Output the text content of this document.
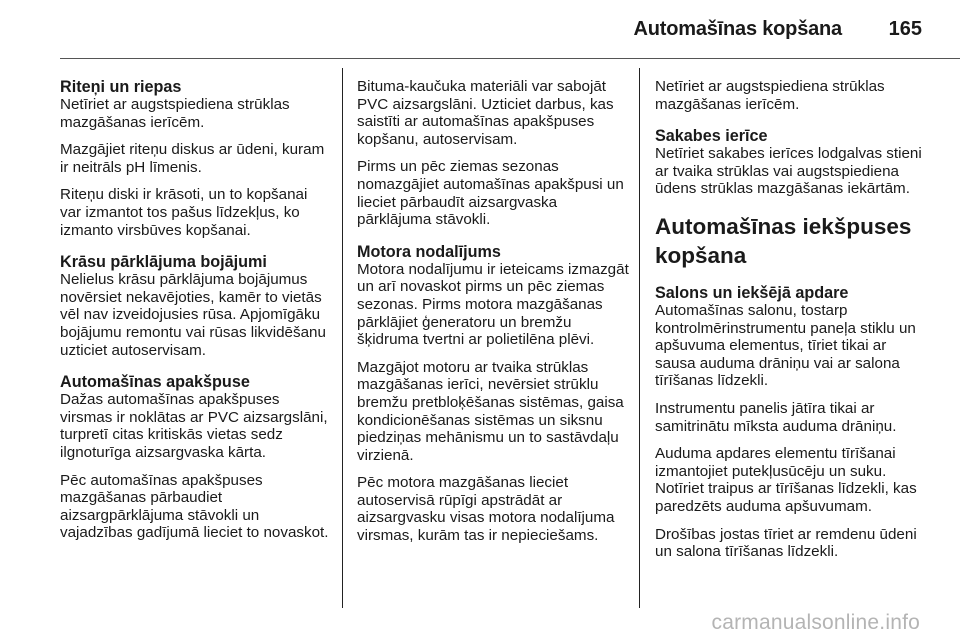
Automašīnas kopšana 165
Riteņi un riepas

Netīriet ar augstspiediena strūklas mazgāšanas ierīcēm.

Mazgājiet riteņu diskus ar ūdeni, kuram ir neitrāls pH līmenis.

Riteņu diski ir krāsoti, un to kopšanai var izmantot tos pašus līdzekļus, ko izmanto virsbūves kopšanai.

Krāsu pārklājuma bojājumi

Nelielus krāsu pārklājuma bojājumus novērsiet nekavējoties, kamēr to vietās vēl nav izveidojusies rūsa. Apjomīgāku bojājumu remontu vai rūsas likvidēšanu uzticiet autoservisam.

Automašīnas apakšpuse

Dažas automašīnas apakšpuses virsmas ir noklātas ar PVC aizsargslāni, turpretī citas kritiskās vietas sedz ilgnoturīga aizsargvaska kārta.

Pēc automašīnas apakšpuses mazgāšanas pārbaudiet aizsargpārklājuma stāvokli un vajadzības gadījumā lieciet to novaskot.

Bituma-kaučuka materiāli var sabojāt PVC aizsargslāni. Uzticiet darbus, kas saistīti ar automašīnas apakšpuses kopšanu, autoservisam.

Pirms un pēc ziemas sezonas nomazgājiet automašīnas apakšpusi un lieciet pārbaudīt aizsargvaska pārklājuma stāvokli.

Motora nodalījums

Motora nodalījumu ir ieteicams izmazgāt un arī novaskot pirms un pēc ziemas sezonas. Pirms motora mazgāšanas pārklājiet ģeneratoru un bremžu šķidruma tvertni ar polietilēna plēvi.

Mazgājot motoru ar tvaika strūklas mazgāšanas ierīci, nevērsiet strūklu bremžu pretbloķēšanas sistēmas, gaisa kondicionēšanas sistēmas un siksnu piedziņas mehānismu un to sastāvdaļu virzienā.

Pēc motora mazgāšanas lieciet autoservisā rūpīgi apstrādāt ar aizsargvasku visas motora nodalījuma virsmas, kurām tas ir nepieciešams.

Netīriet ar augstspiediena strūklas mazgāšanas ierīcēm.

Sakabes ierīce

Netīriet sakabes ierīces lodgalvas stieni ar tvaika strūklas vai augstspiediena ūdens strūklas mazgāšanas iekārtām.

Automašīnas iekšpuses kopšana
Salons un iekšējā apdare

Automašīnas salonu, tostarp kontrolmērinstrumentu paneļa stiklu un apšuvuma elementus, tīriet tikai ar sausa auduma drāniņu vai ar salona tīrīšanas līdzekli.

Instrumentu panelis jātīra tikai ar samitrinātu mīksta auduma drāniņu.

Auduma apdares elementu tīrīšanai izmantojiet putekļusūcēju un suku. Notīriet traipus ar tīrīšanas līdzekli, kas paredzēts auduma apšuvumam.

Drošības jostas tīriet ar remdenu ūdeni un salona tīrīšanas līdzekli.

carmanualsonline.info
